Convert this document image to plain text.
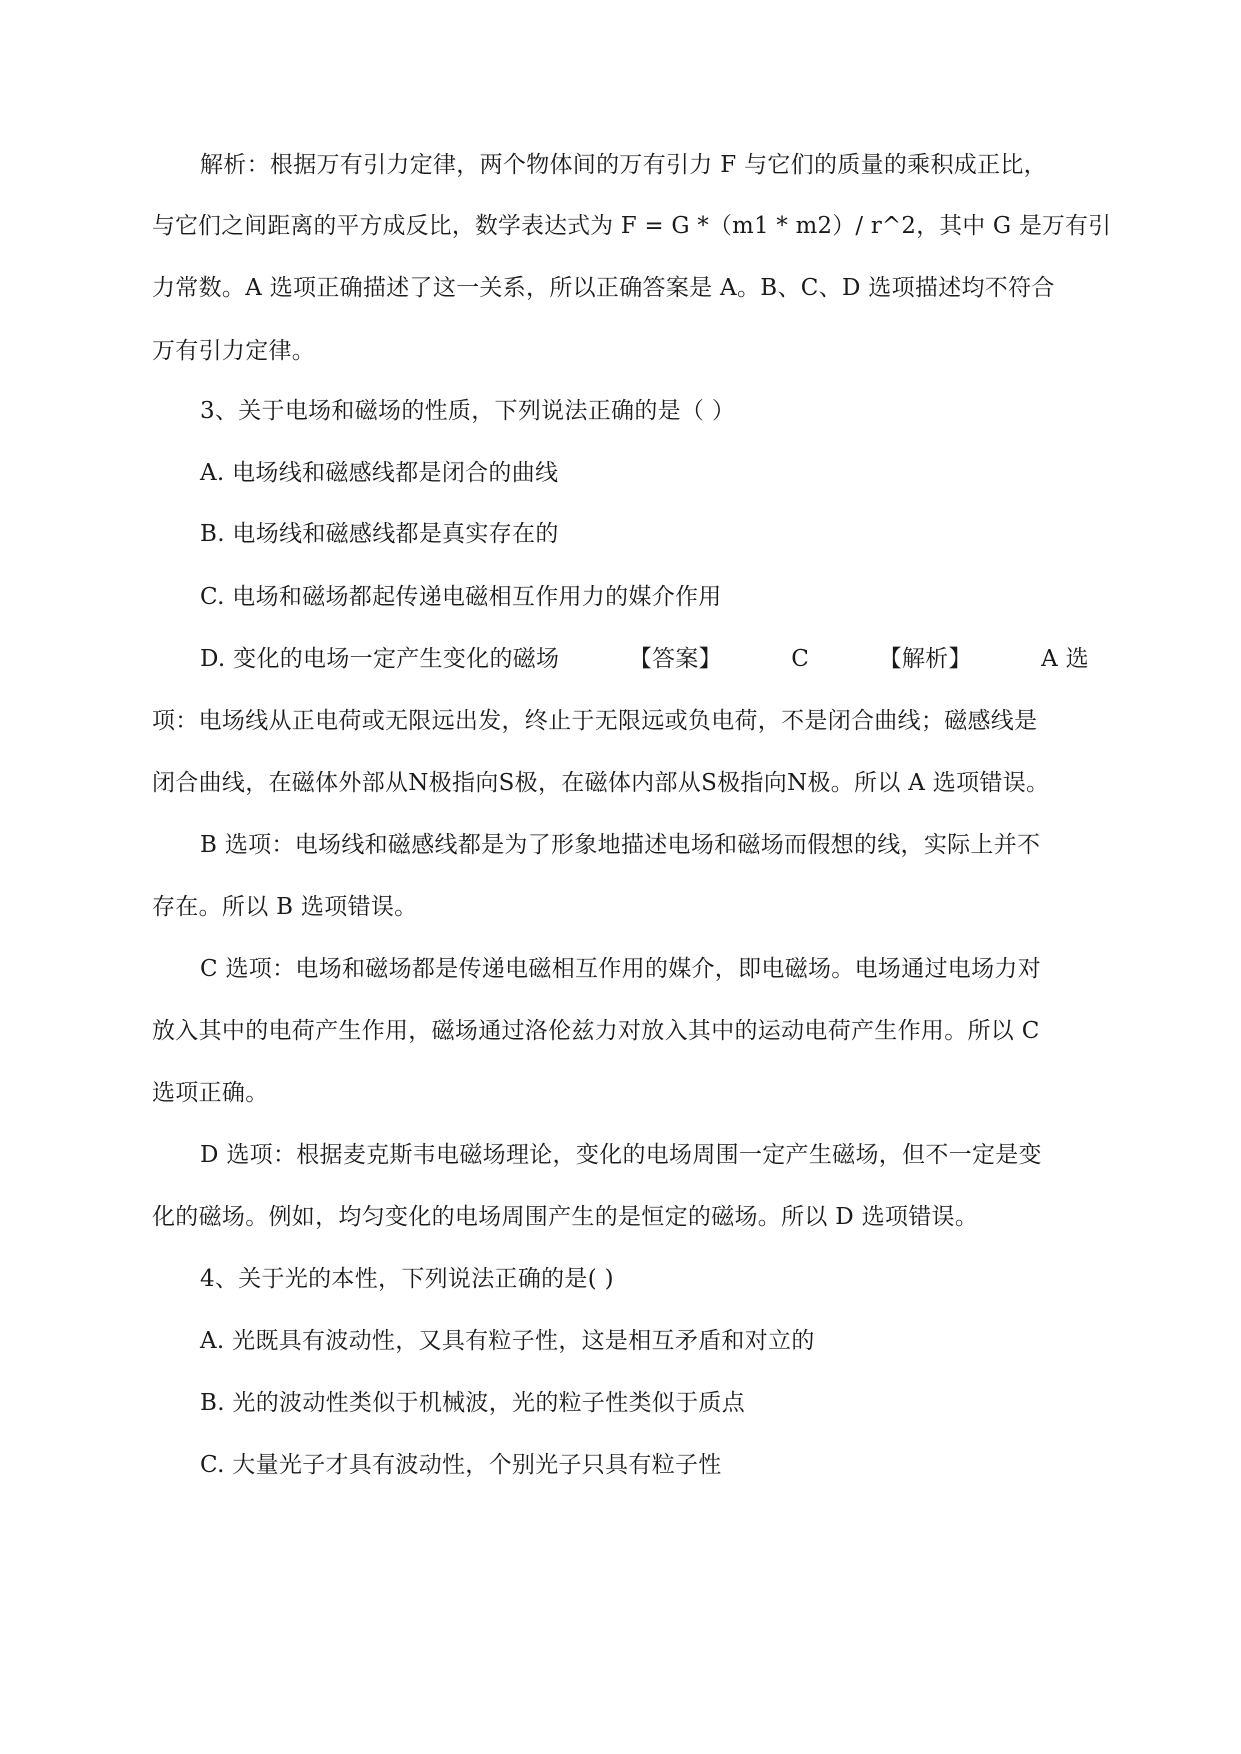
解析：根据万有引力定律，两个物体间的万有引力 F 与它们的质量的乘积成正比，
与它们之间距离的平方成反比，数学表达式为 F = G *（m1 * m2）/ r^2，其中 G 是万有引
力常数。A 选项正确描述了这一关系，所以正确答案是 A。B、C、D 选项描述均不符合
万有引力定律。
3、关于电场和磁场的性质，下列说法正确的是（ ）
A. 电场线和磁感线都是闭合的曲线
B. 电场线和磁感线都是真实存在的
C. 电场和磁场都起传递电磁相互作用力的媒介作用
D. 变化的电场一定产生变化的磁场	【答案】	C	【解析】	A 选
项：电场线从正电荷或无限远出发，终止于无限远或负电荷，不是闭合曲线；磁感线是
闭合曲线，在磁体外部从N极指向S极，在磁体内部从S极指向N极。所以 A 选项错误。
B 选项：电场线和磁感线都是为了形象地描述电场和磁场而假想的线，实际上并不
存在。所以 B 选项错误。
C 选项：电场和磁场都是传递电磁相互作用的媒介，即电磁场。电场通过电场力对
放入其中的电荷产生作用，磁场通过洛伦兹力对放入其中的运动电荷产生作用。所以 C
选项正确。
D 选项：根据麦克斯韦电磁场理论，变化的电场周围一定产生磁场，但不一定是变
化的磁场。例如，均匀变化的电场周围产生的是恒定的磁场。所以 D 选项错误。
4、关于光的本性，下列说法正确的是( )
A. 光既具有波动性，又具有粒子性，这是相互矛盾和对立的
B. 光的波动性类似于机械波，光的粒子性类似于质点
C. 大量光子才具有波动性，个别光子只具有粒子性
